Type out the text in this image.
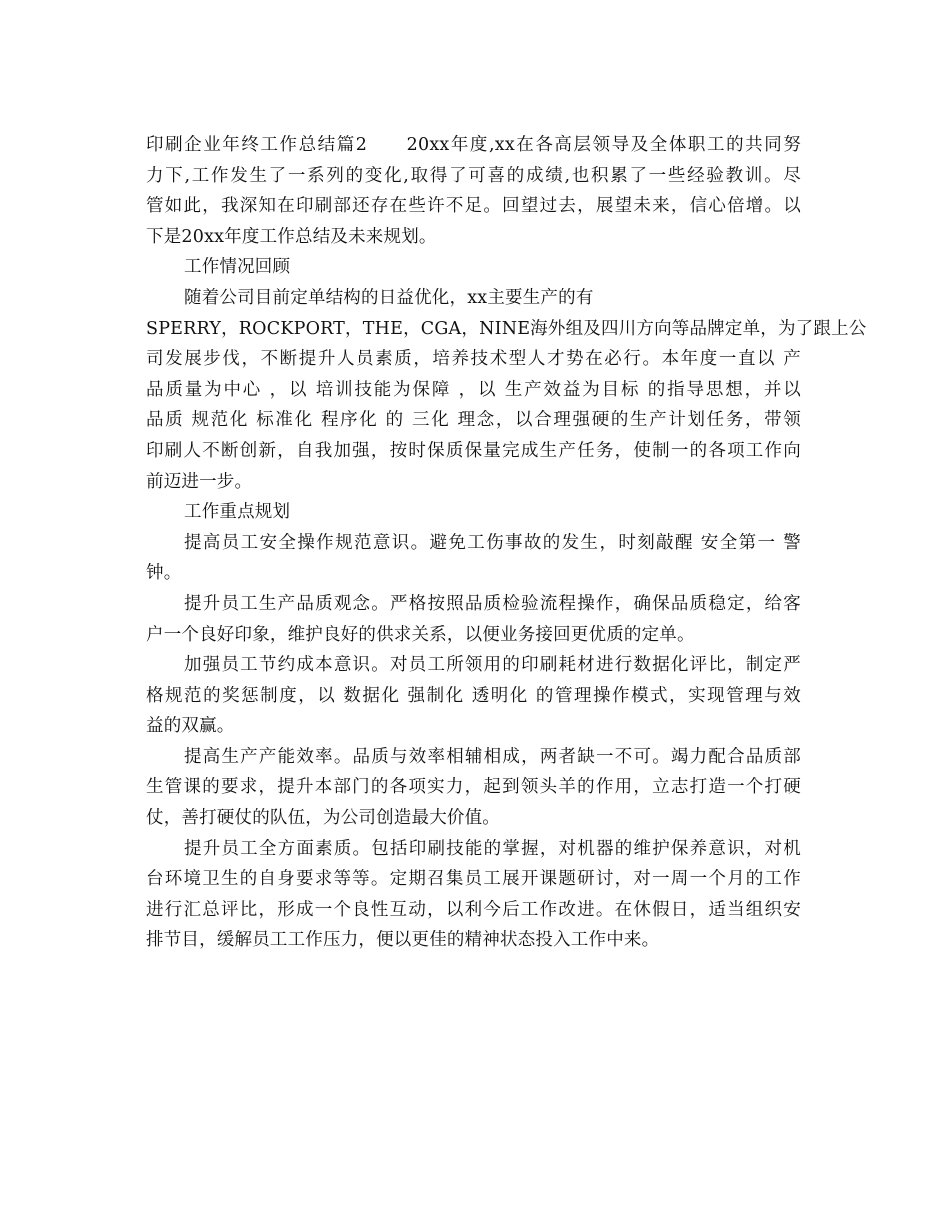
印刷企业年终工作总结篇2　　20xx年度,xx在各高层领导及全体职工的共同努
力下,工作发生了一系列的变化,取得了可喜的成绩,也积累了一些经验教训。尽
管如此，我深知在印刷部还存在些许不足。回望过去，展望未来，信心倍增。以
下是20xx年度工作总结及未来规划。
工作情况回顾
随着公司目前定单结构的日益优化，xx主要生产的有
SPERRY，ROCKPORT，THE，CGA，NINE海外组及四川方向等品牌定单，为了跟上公
司发展步伐，不断提升人员素质，培养技术型人才势在必行。本年度一直以 产
品质量为中心 ，以 培训技能为保障 ，以 生产效益为目标 的指导思想，并以
品质 规范化 标准化 程序化 的 三化 理念，以合理强硬的生产计划任务，带领
印刷人不断创新，自我加强，按时保质保量完成生产任务，使制一的各项工作向
前迈进一步。
工作重点规划
提高员工安全操作规范意识。避免工伤事故的发生，时刻敲醒 安全第一 警
钟。
提升员工生产品质观念。严格按照品质检验流程操作，确保品质稳定，给客
户一个良好印象，维护良好的供求关系，以便业务接回更优质的定单。
加强员工节约成本意识。对员工所领用的印刷耗材进行数据化评比，制定严
格规范的奖惩制度，以 数据化 强制化 透明化 的管理操作模式，实现管理与效
益的双赢。
提高生产产能效率。品质与效率相辅相成，两者缺一不可。竭力配合品质部
生管课的要求，提升本部门的各项实力，起到领头羊的作用，立志打造一个打硬
仗，善打硬仗的队伍，为公司创造最大价值。
提升员工全方面素质。包括印刷技能的掌握，对机器的维护保养意识，对机
台环境卫生的自身要求等等。定期召集员工展开课题研讨，对一周一个月的工作
进行汇总评比，形成一个良性互动，以利今后工作改进。在休假日，适当组织安
排节目，缓解员工工作压力，便以更佳的精神状态投入工作中来。
